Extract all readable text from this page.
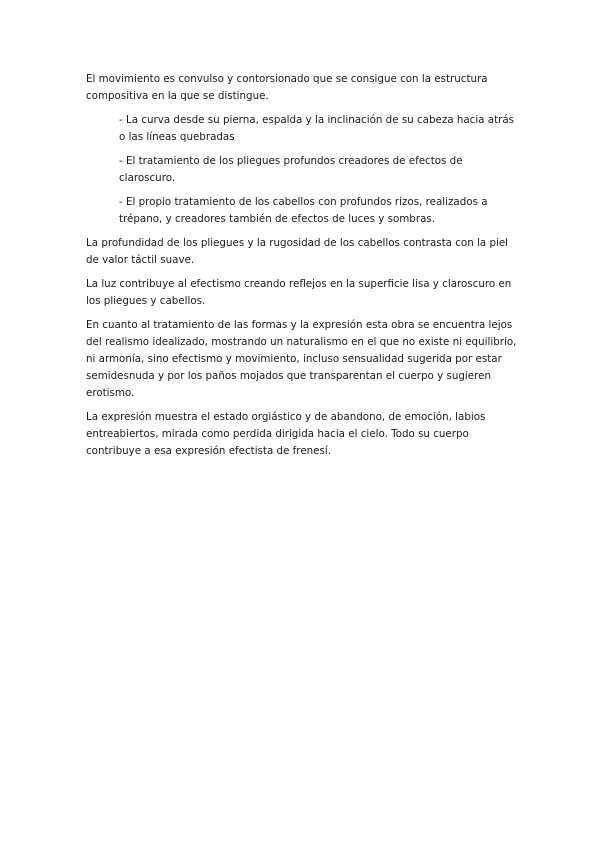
El movimiento es convulso y contorsionado que se consigue con la estructura compositiva en la que se distingue.

- La curva desde su pierna, espalda y la inclinación de su cabeza hacia atrás o las líneas quebradas

- El tratamiento de los pliegues profundos creadores de efectos de claroscuro.

- El propio tratamiento de los cabellos con profundos rizos, realizados a trépano, y creadores también de efectos de luces y sombras.

La profundidad de los pliegues y la rugosidad de los cabellos contrasta con la piel de valor táctil suave.

La luz contribuye al efectismo creando reflejos en la superficie lisa y claroscuro en los pliegues y cabellos.

En cuanto al tratamiento de las formas y la expresión esta obra se encuentra lejos del realismo idealizado, mostrando un naturalismo en el que no existe ni equilibrio, ni armonía, sino efectismo y movimiento, incluso sensualidad sugerida por estar semidesnuda y por los paños mojados que transparentan el cuerpo y sugieren erotismo.

La expresión muestra el estado orgiástico y de abandono, de emoción, labios entreabiertos, mirada como perdida dirigida hacia el cielo. Todo su cuerpo contribuye a esa expresión efectista de frenesí.
